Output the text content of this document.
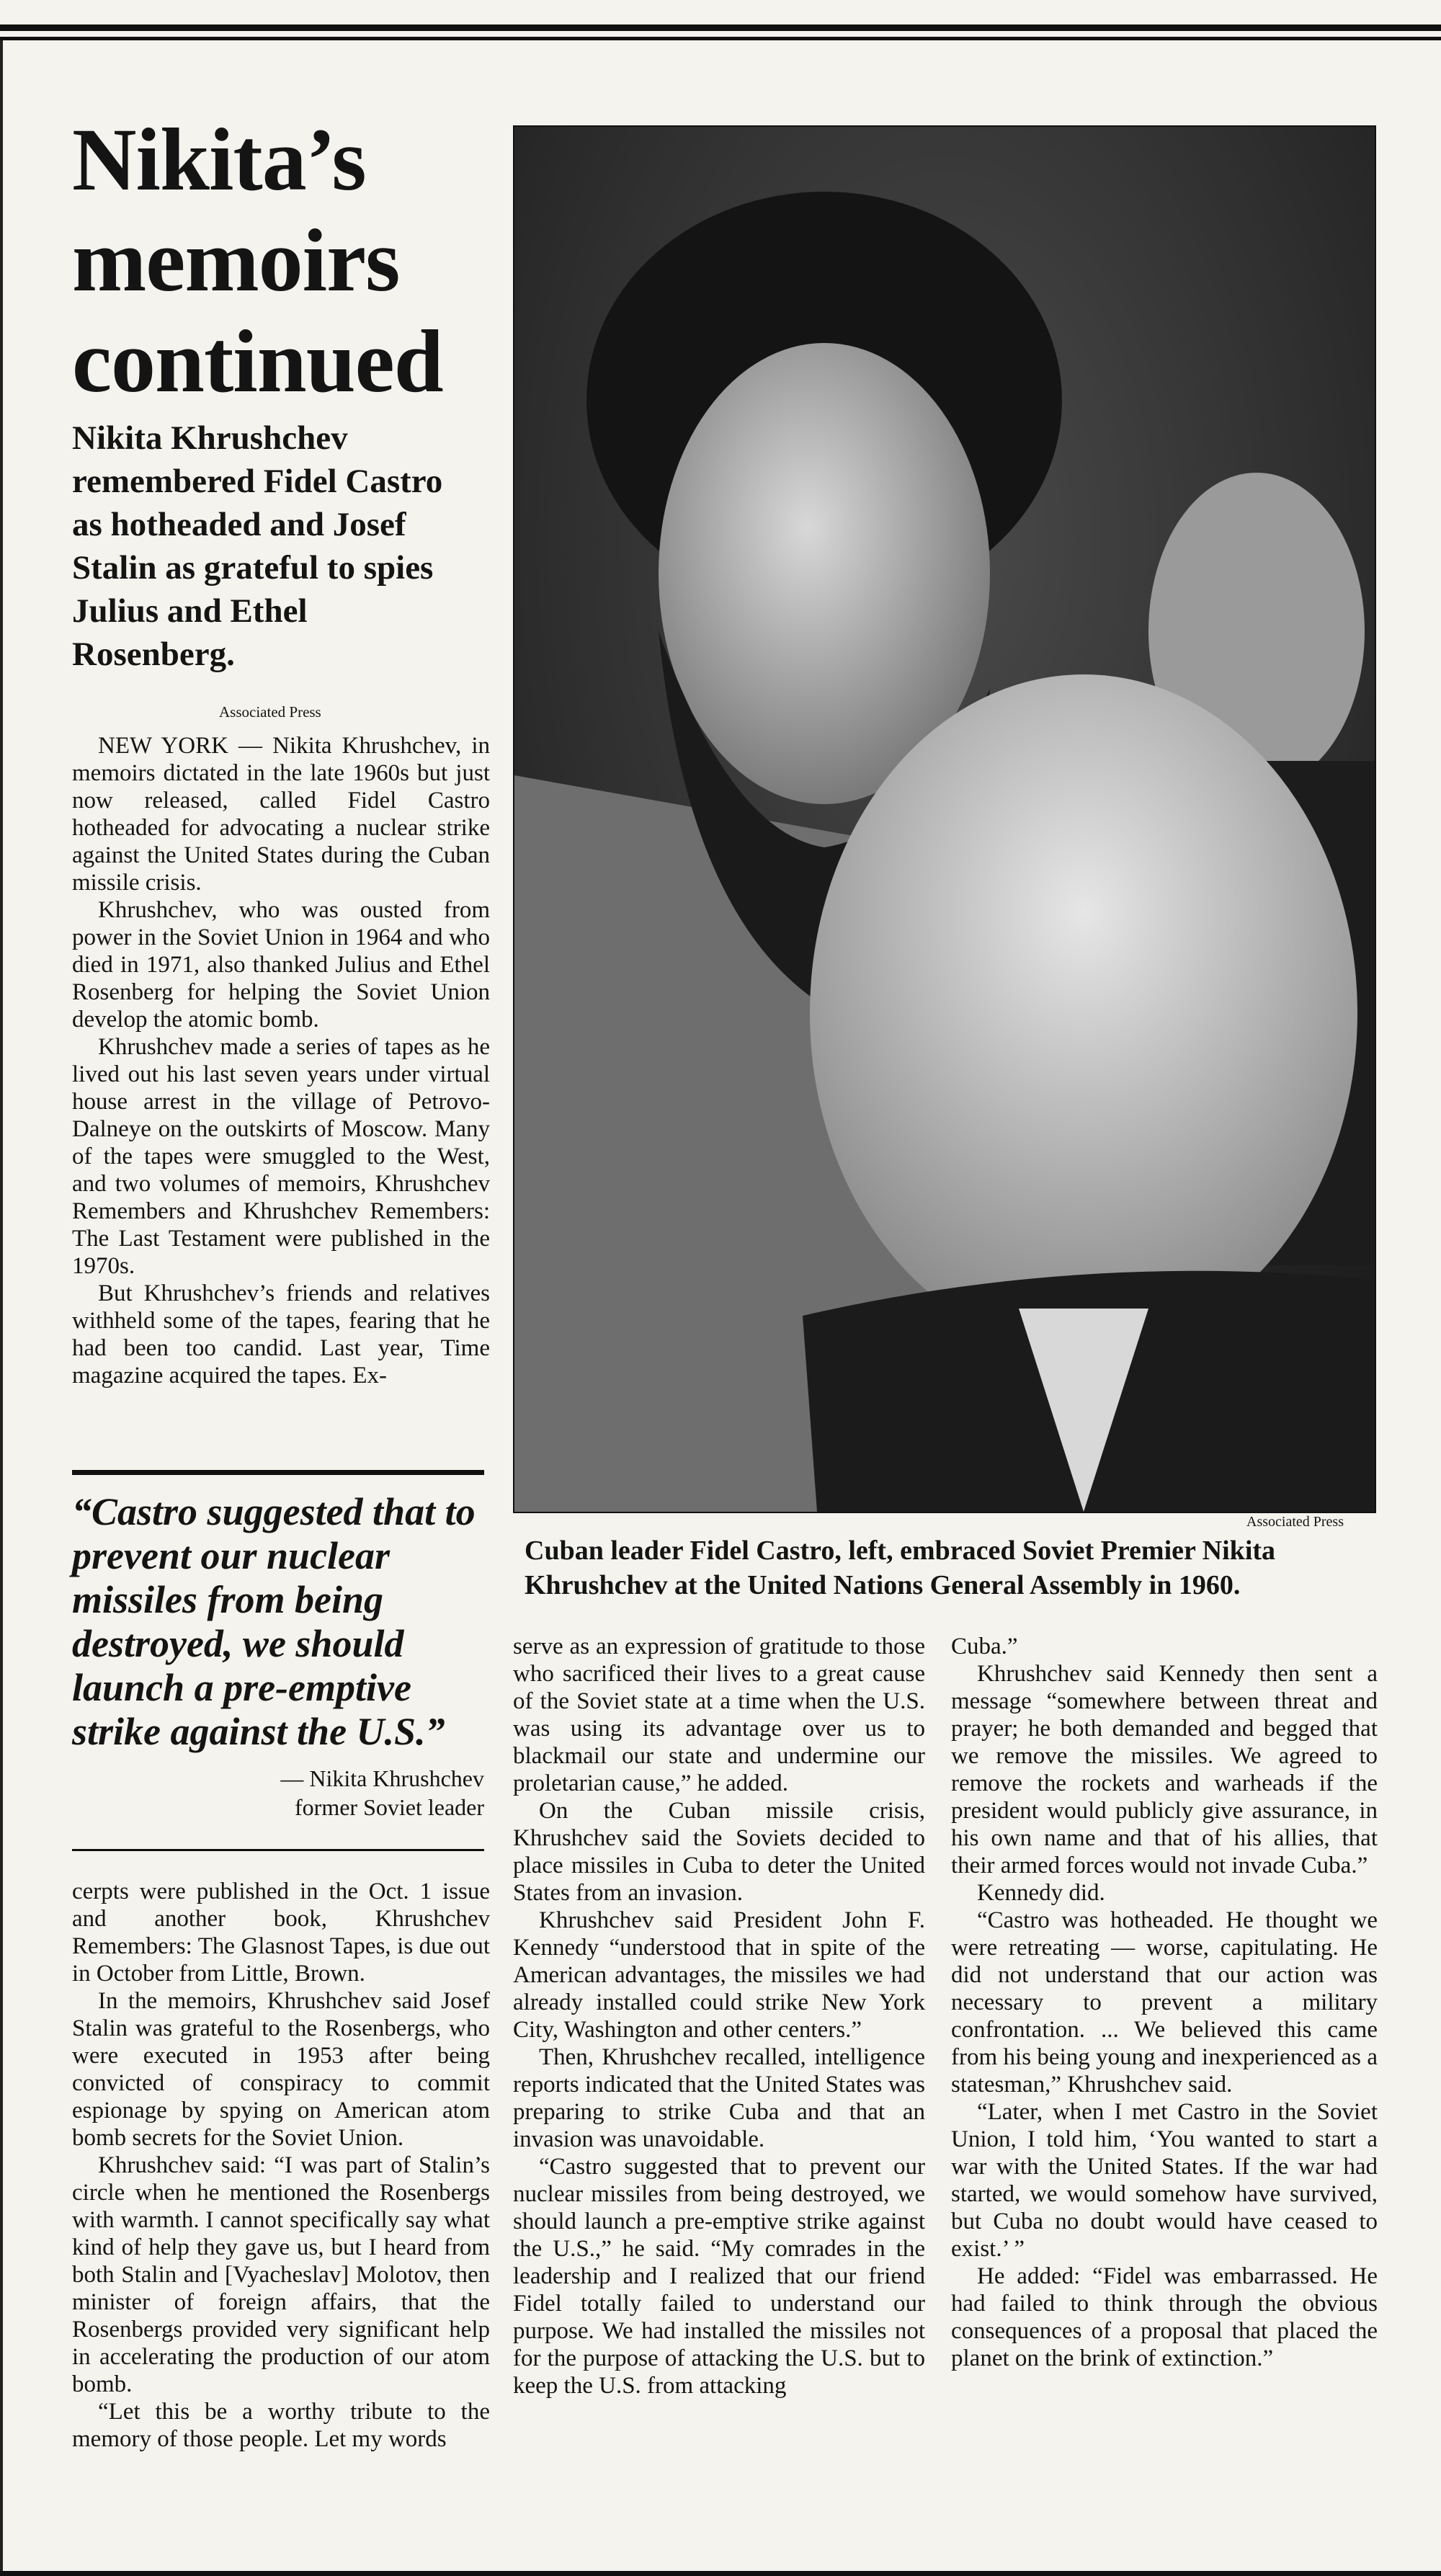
Nikita’s memoirs continued
Nikita Khrushchev remembered Fidel Castro as hotheaded and Josef Stalin as grateful to spies Julius and Ethel Rosenberg.
Associated Press

NEW YORK — Nikita Khrushchev, in memoirs dictated in the late 1960s but just now released, called Fidel Castro hotheaded for advocating a nuclear strike against the United States during the Cuban missile crisis.

Khrushchev, who was ousted from power in the Soviet Union in 1964 and who died in 1971, also thanked Julius and Ethel Rosenberg for helping the Soviet Union develop the atomic bomb.

Khrushchev made a series of tapes as he lived out his last seven years under virtual house arrest in the village of Petrovo-Dalneye on the outskirts of Moscow. Many of the tapes were smuggled to the West, and two volumes of memoirs, Khrushchev Remembers and Khrushchev Remembers: The Last Testament were published in the 1970s.

But Khrushchev’s friends and relatives withheld some of the tapes, fearing that he had been too candid. Last year, Time magazine acquired the tapes. Ex-

“Castro suggested that to prevent our nuclear missiles from being destroyed, we should launch a pre-emptive strike against the U.S.”

— Nikita Khrushchev
former Soviet leader

cerpts were published in the Oct. 1 issue and another book, Khrushchev Remembers: The Glasnost Tapes, is due out in October from Little, Brown.

In the memoirs, Khrushchev said Josef Stalin was grateful to the Rosenbergs, who were executed in 1953 after being convicted of conspiracy to commit espionage by spying on American atom bomb secrets for the Soviet Union.

Khrushchev said: “I was part of Stalin’s circle when he mentioned the Rosenbergs with warmth. I cannot specifically say what kind of help they gave us, but I heard from both Stalin and [Vyacheslav] Molotov, then minister of foreign affairs, that the Rosenbergs provided very significant help in accelerating the production of our atom bomb.

“Let this be a worthy tribute to the memory of those people. Let my words

Associated Press

Cuban leader Fidel Castro, left, embraced Soviet Premier Nikita Khrushchev at the United Nations General Assembly in 1960.

serve as an expression of gratitude to those who sacrificed their lives to a great cause of the Soviet state at a time when the U.S. was using its advantage over us to blackmail our state and undermine our proletarian cause,” he added.

On the Cuban missile crisis, Khrushchev said the Soviets decided to place missiles in Cuba to deter the United States from an invasion.

Khrushchev said President John F. Kennedy “understood that in spite of the American advantages, the missiles we had already installed could strike New York City, Washington and other centers.”

Then, Khrushchev recalled, intelligence reports indicated that the United States was preparing to strike Cuba and that an invasion was unavoidable.

“Castro suggested that to prevent our nuclear missiles from being destroyed, we should launch a pre-emptive strike against the U.S.,” he said. “My comrades in the leadership and I realized that our friend Fidel totally failed to understand our purpose. We had installed the missiles not for the purpose of attacking the U.S. but to keep the U.S. from attacking

Cuba.”

Khrushchev said Kennedy then sent a message “somewhere between threat and prayer; he both demanded and begged that we remove the missiles. We agreed to remove the rockets and warheads if the president would publicly give assurance, in his own name and that of his allies, that their armed forces would not invade Cuba.”

Kennedy did.

“Castro was hotheaded. He thought we were retreating — worse, capitulating. He did not understand that our action was necessary to prevent a military confrontation. ... We believed this came from his being young and inexperienced as a statesman,” Khrushchev said.

“Later, when I met Castro in the Soviet Union, I told him, ‘You wanted to start a war with the United States. If the war had started, we would somehow have survived, but Cuba no doubt would have ceased to exist.’ ”

He added: “Fidel was embarrassed. He had failed to think through the obvious consequences of a proposal that placed the planet on the brink of extinction.”
